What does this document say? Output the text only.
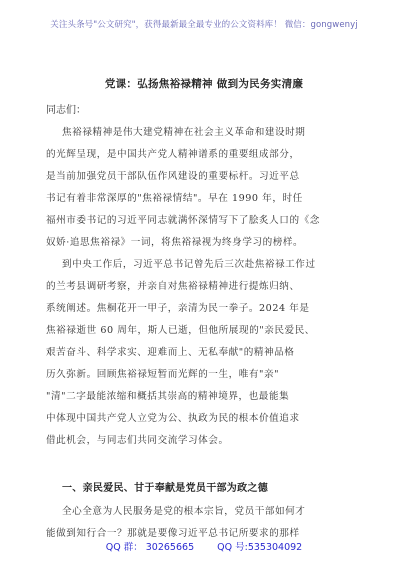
关注头条号"公文研究"，获得最新最全最专业的公文资料库！ 微信：gongwenyj
党课：弘扬焦裕禄精神 做到为民务实清廉
同志们：
焦裕禄精神是伟大建党精神在社会主义革命和建设时期
的光辉呈现，是中国共产党人精神谱系的重要组成部分，
是当前加强党员干部队伍作风建设的重要标杆。习近平总
书记有着非常深厚的"焦裕禄情结"。早在 1990 年，时任
福州市委书记的习近平同志就满怀深情写下了脍炙人口的《念
奴娇·追思焦裕禄》一词，将焦裕禄视为终身学习的榜样。
到中央工作后，习近平总书记曾先后三次赴焦裕禄工作过
的兰考县调研考察，并亲自对焦裕禄精神进行提炼归纳、
系统阐述。焦桐花开一甲子，亲清为民一拳子。2024 年是
焦裕禄逝世 60 周年，斯人已逝，但他所展现的"亲民爱民、
艰苦奋斗、科学求实、迎难而上、无私奉献"的精神品格
历久弥新。回顾焦裕禄短暂而光辉的一生，唯有"亲"
"清"二字最能浓缩和概括其崇高的精神境界，也最能集
中体现中国共产党人立党为公、执政为民的根本价值追求
借此机会，与同志们共同交流学习体会。
一、亲民爱民、甘于奉献是党员干部为政之德
全心全意为人民服务是党的根本宗旨，党员干部如何才
能做到知行合一？那就是要像习近平总书记所要求的那样
QQ 群： 30265665 QQ 号:535304092
